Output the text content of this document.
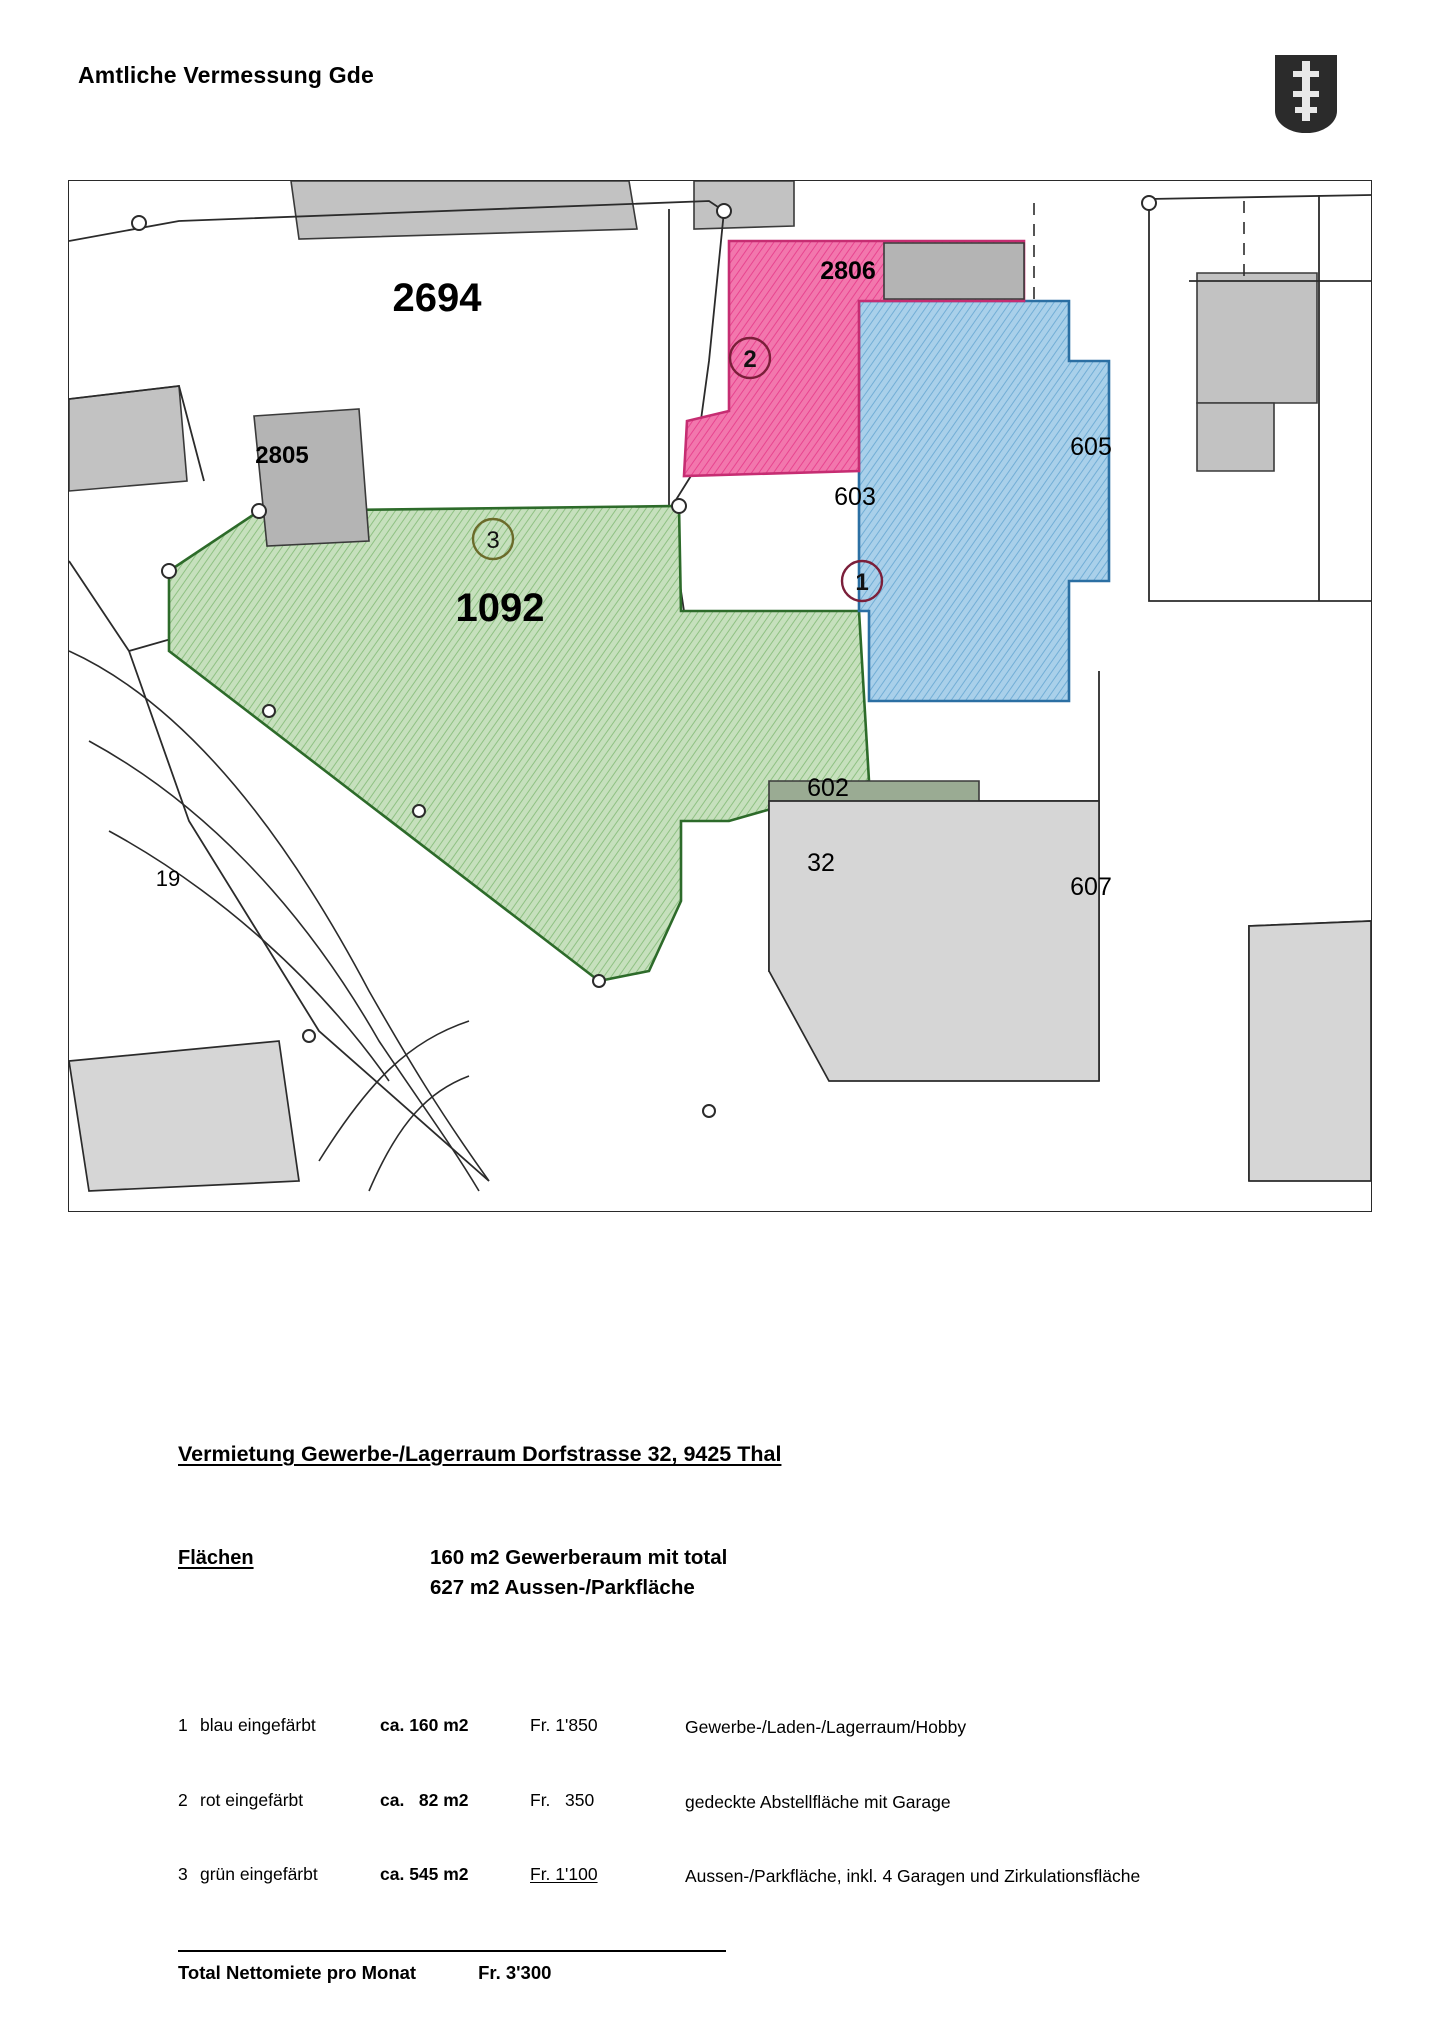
Amtliche Vermessung Gde
2694
2806
2805
603
605
1092
602
32
607
19
1
2
3
Vermietung Gewerbe-/Lagerraum Dorfstrasse 32, 9425 Thal
Flächen	160 m2 Gewerberaum mit total
627 m2 Aussen-/Parkfläche
1 blau eingefärbt	ca. 160 m2	Fr. 1'850	Gewerbe-/Laden-/Lagerraum/Hobby
2 rot eingefärbt	ca.   82 m2	Fr.   350	gedeckte Abstellfläche mit Garage
3 grün eingefärbt	ca. 545 m2	Fr. 1'100	Aussen-/Parkfläche, inkl. 4 Garagen und Zirkulationsfläche
Total Nettomiete pro Monat	Fr. 3'300
